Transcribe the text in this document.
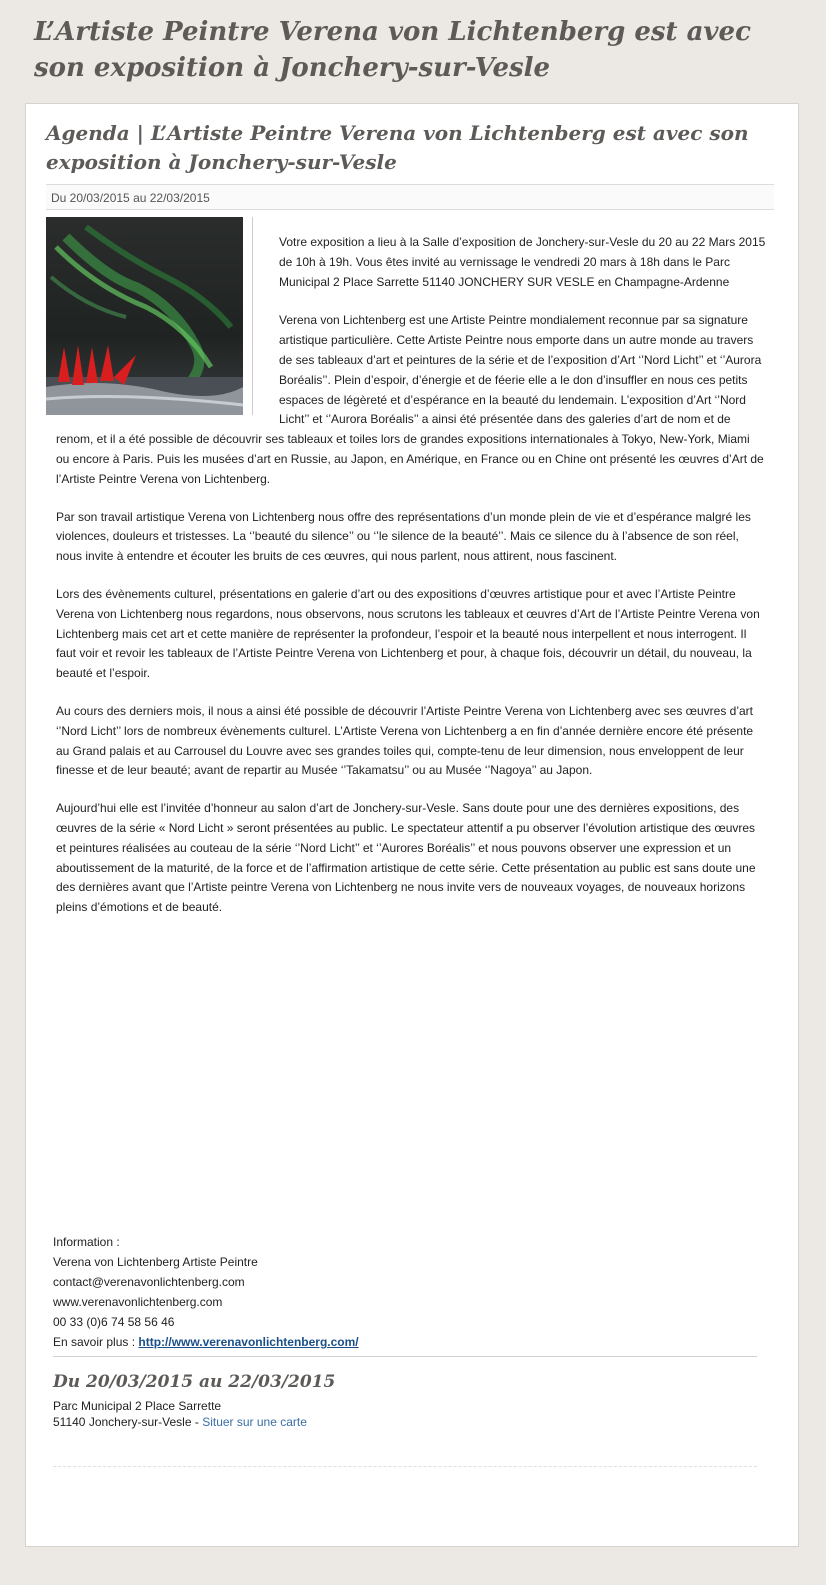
L’Artiste Peintre Verena von Lichtenberg est avec son exposition à Jonchery-sur-Vesle
Agenda | L’Artiste Peintre Verena von Lichtenberg est avec son exposition à Jonchery-sur-Vesle
Du 20/03/2015 au 22/03/2015

Votre exposition a lieu à la Salle d’exposition de Jonchery-sur-Vesle du 20 au 22 Mars 2015 de 10h à 19h. Vous êtes invité au vernissage le vendredi 20 mars à 18h dans le Parc Municipal 2 Place Sarrette 51140 JONCHERY SUR VESLE en Champagne-Ardenne

Verena von Lichtenberg est une Artiste Peintre mondialement reconnue par sa signature artistique particulière. Cette Artiste Peintre nous emporte dans un autre monde au travers de ses tableaux d’art et peintures de la série et de l’exposition d’Art ‘’Nord Licht’’ et ‘’Aurora Boréalis’’. Plein d’espoir, d’énergie et de féerie elle a le don d’insuffler en nous ces petits espaces de légèreté et d’espérance en la beauté du lendemain. L’exposition d’Art ‘’Nord Licht’’ et ‘’Aurora Boréalis’’ a ainsi été présentée dans des galeries d’art de nom et de renom, et il a été possible de découvrir ses tableaux et toiles lors de grandes expositions internationales à Tokyo, New-York, Miami ou encore à Paris. Puis les musées d’art en Russie, au Japon, en Amérique, en France ou en Chine ont présenté les œuvres d’Art de l’Artiste Peintre Verena von Lichtenberg.

Par son travail artistique Verena von Lichtenberg nous offre des représentations d’un monde plein de vie et d’espérance malgré les violences, douleurs et tristesses. La ‘’beauté du silence’’ ou ‘’le silence de la beauté’’. Mais ce silence du à l’absence de son réel, nous invite à entendre et écouter les bruits de ces œuvres, qui nous parlent, nous attirent, nous fascinent.

Lors des évènements culturel, présentations en galerie d’art ou des expositions d’œuvres artistique pour et avec l’Artiste Peintre Verena von Lichtenberg nous regardons, nous observons, nous scrutons les tableaux et œuvres d’Art de l’Artiste Peintre Verena von Lichtenberg mais cet art et cette manière de représenter la profondeur, l’espoir et la beauté nous interpellent et nous interrogent. Il faut voir et revoir les tableaux de l’Artiste Peintre Verena von Lichtenberg et pour, à chaque fois, découvrir un détail, du nouveau, la beauté et l’espoir.

Au cours des derniers mois, il nous a ainsi été possible de découvrir l’Artiste Peintre Verena von Lichtenberg avec ses œuvres d’art ‘’Nord Licht’’ lors de nombreux évènements culturel. L’Artiste Verena von Lichtenberg a en fin d’année dernière encore été présente au Grand palais et au Carrousel du Louvre avec ses grandes toiles qui, compte-tenu de leur dimension, nous enveloppent de leur finesse et de leur beauté; avant de repartir au Musée ‘’Takamatsu’’ ou au Musée ‘’Nagoya’’ au Japon.

Aujourd’hui elle est l’invitée d’honneur au salon d’art de Jonchery-sur-Vesle. Sans doute pour une des dernières expositions, des œuvres de la série « Nord Licht » seront présentées au public. Le spectateur attentif a pu observer l’évolution artistique des œuvres et peintures réalisées au couteau de la série ‘’Nord Licht’’ et ‘’Aurores Boréalis’’ et nous pouvons observer une expression et un aboutissement de la maturité, de la force et de l’affirmation artistique de cette série. Cette présentation au public est sans doute une des dernières avant que l’Artiste peintre Verena von Lichtenberg ne nous invite vers de nouveaux voyages, de nouveaux horizons pleins d’émotions et de beauté.

Information :
Verena von Lichtenberg Artiste Peintre
contact@verenavonlichtenberg.com
www.verenavonlichtenberg.com
00 33 (0)6 74 58 56 46
En savoir plus : http://www.verenavonlichtenberg.com/
Du 20/03/2015 au 22/03/2015
Parc Municipal 2 Place Sarrette
51140 Jonchery-sur-Vesle - Situer sur une carte
